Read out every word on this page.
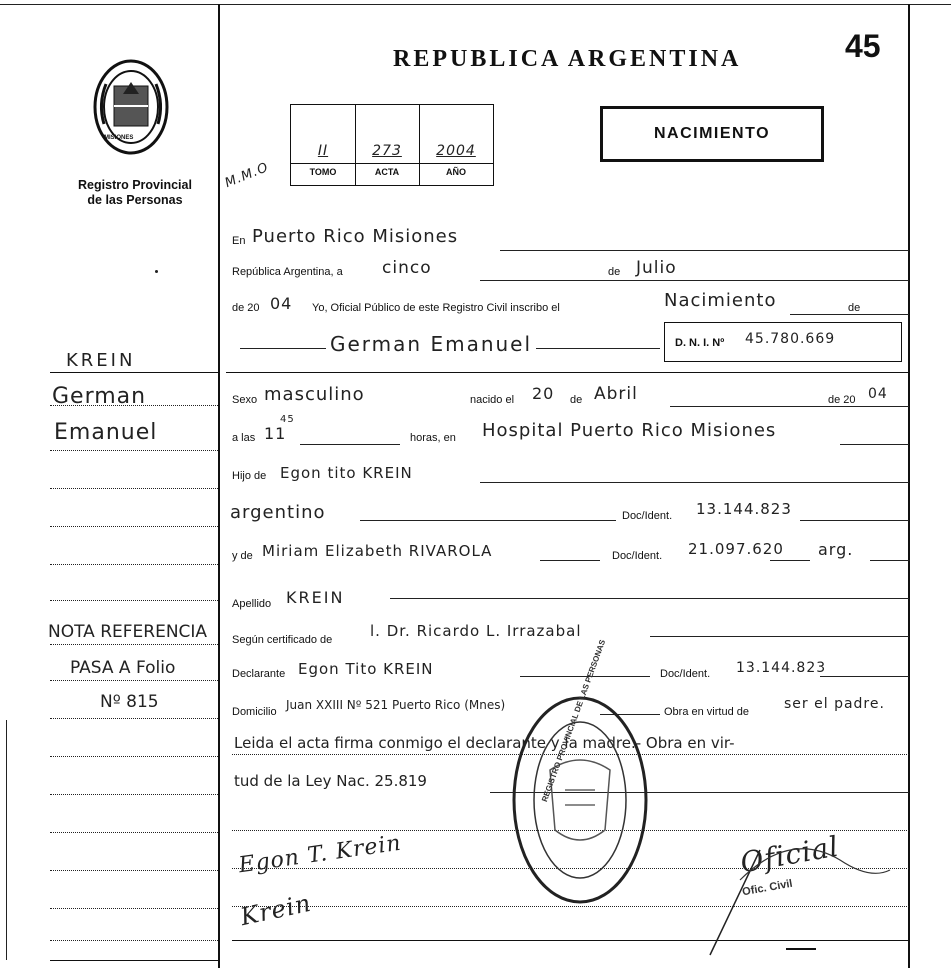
MISIONES
Registro Provincial
de las Personas
REPUBLICA ARGENTINA	45
II	273	2004
TOMO	ACTA	AÑO
M.M.O
NACIMIENTO
KREIN
German
Emanuel
NOTA REFERENCIA
PASA A Folio
Nº 815
En Puerto Rico Misiones
República Argentina, a cinco	de Julio
de 20 04 Yo, Oficial Público de este Registro Civil inscribo el	Nacimiento	de
German Emanuel	D. N. I. Nº 45.780.669
Sexo masculino	nacido el 20 de Abril	de 20 04
a las 11
45
horas, en Hospital Puerto Rico Misiones
Hijo de Egon tito KREIN
argentino	Doc/Ident. 13.144.823
y de Miriam Elizabeth RIVAROLA	Doc/Ident. 21.097.620 arg.
Apellido KREIN
Según certificado de	l. Dr. Ricardo L. Irrazabal
Declarante Egon Tito KREIN	Doc/Ident. 13.144.823
Domicilio Juan XXIII Nº 521 Puerto Rico (Mnes)	Obra en virtud de	ser el padre.
Leida el acta firma conmigo el declarante y la madre.- Obra en vir-
tud de la Ley Nac. 25.819	REGISTRO PROVINCIAL DE LAS PERSONAS
Egon T. Krein
Krein
Oficial
Ofic. Civil
